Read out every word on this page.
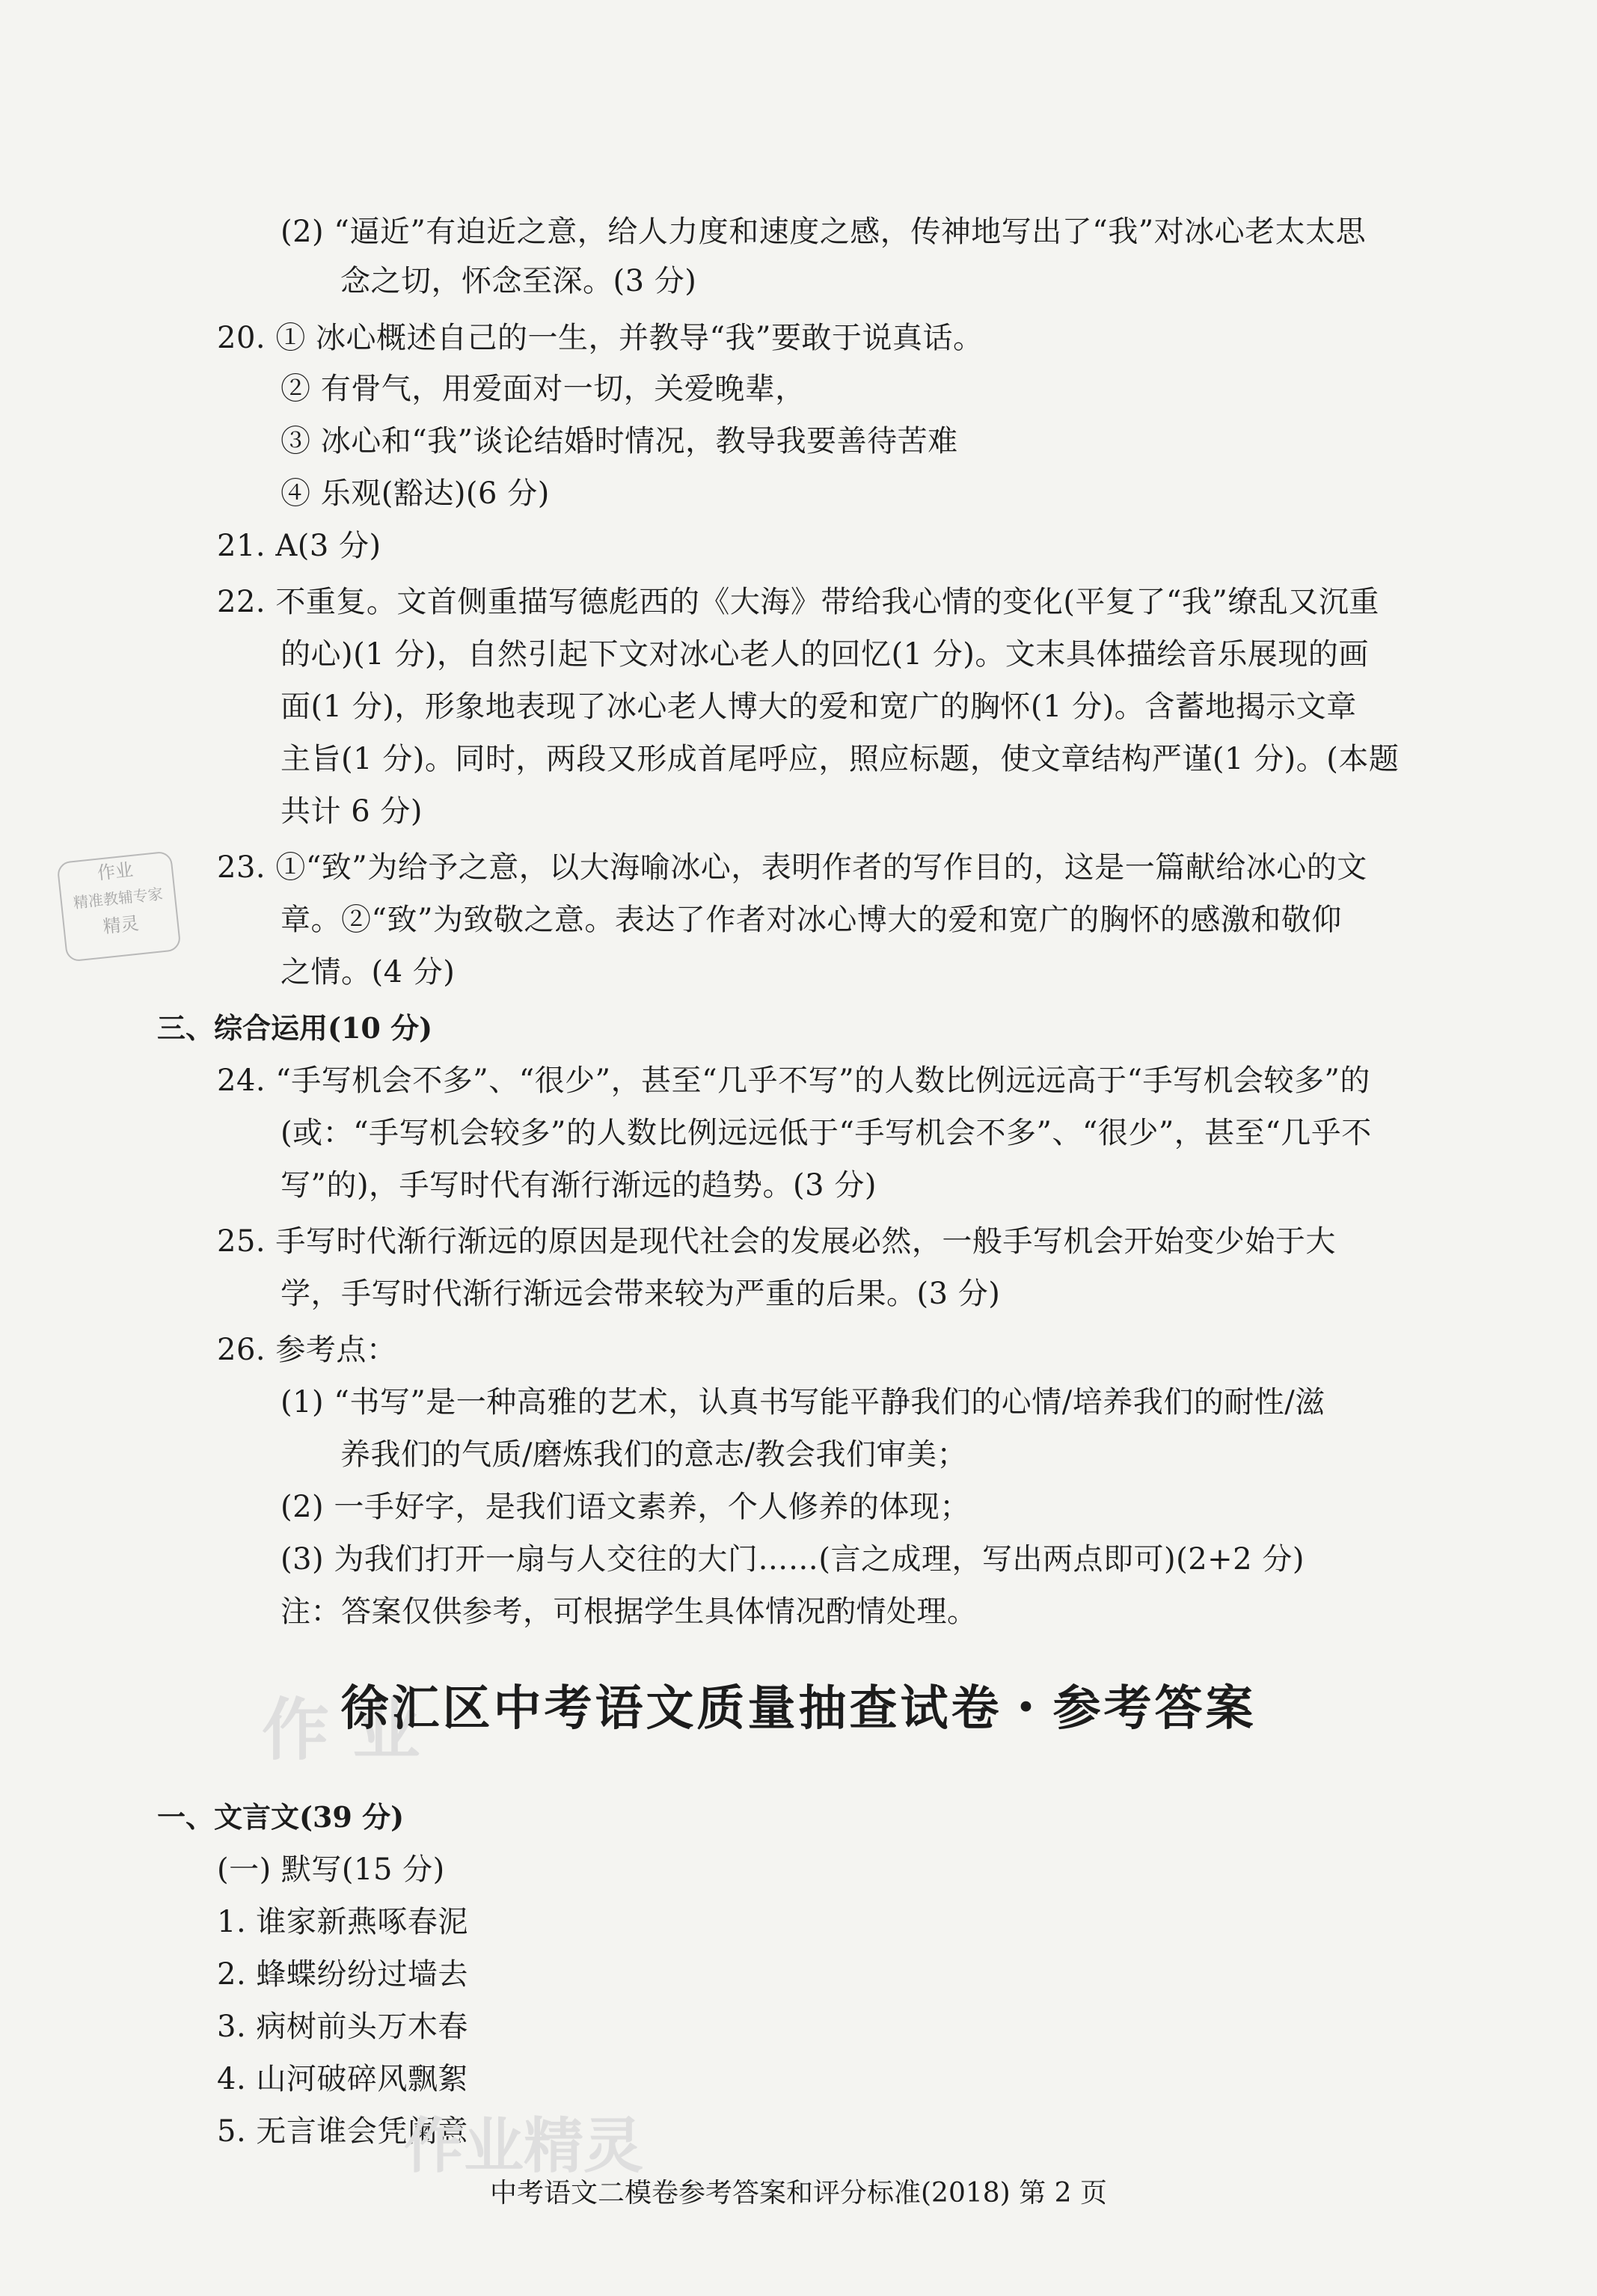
作业
精准教辅专家
精灵
(2) “逼近”有迫近之意，给人力度和速度之感，传神地写出了“我”对冰心老太太思
念之切，怀念至深。(3 分)
20. ① 冰心概述自己的一生，并教导“我”要敢于说真话。
② 有骨气，用爱面对一切，关爱晚辈，
③ 冰心和“我”谈论结婚时情况，教导我要善待苦难
④ 乐观(豁达)(6 分)
21. A(3 分)
22. 不重复。文首侧重描写德彪西的《大海》带给我心情的变化(平复了“我”缭乱又沉重
的心)(1 分)，自然引起下文对冰心老人的回忆(1 分)。文末具体描绘音乐展现的画
面(1 分)，形象地表现了冰心老人博大的爱和宽广的胸怀(1 分)。含蓄地揭示文章
主旨(1 分)。同时，两段又形成首尾呼应，照应标题，使文章结构严谨(1 分)。(本题
共计 6 分)
23. ①“致”为给予之意，以大海喻冰心，表明作者的写作目的，这是一篇献给冰心的文
章。②“致”为致敬之意。表达了作者对冰心博大的爱和宽广的胸怀的感激和敬仰
之情。(4 分)
三、综合运用(10 分)
24. “手写机会不多”、“很少”，甚至“几乎不写”的人数比例远远高于“手写机会较多”的
(或：“手写机会较多”的人数比例远远低于“手写机会不多”、“很少”，甚至“几乎不
写”的)，手写时代有渐行渐远的趋势。(3 分)
25. 手写时代渐行渐远的原因是现代社会的发展必然，一般手写机会开始变少始于大
学，手写时代渐行渐远会带来较为严重的后果。(3 分)
26. 参考点：
(1) “书写”是一种高雅的艺术，认真书写能平静我们的心情/培养我们的耐性/滋
养我们的气质/磨炼我们的意志/教会我们审美；
(2) 一手好字，是我们语文素养，个人修养的体现；
(3) 为我们打开一扇与人交往的大门……(言之成理，写出两点即可)(2+2 分)
注：答案仅供参考，可根据学生具体情况酌情处理。
作 业
徐汇区中考语文质量抽查试卷・参考答案
一、文言文(39 分)
(一) 默写(15 分)
1. 谁家新燕啄春泥
2. 蜂蝶纷纷过墙去
3. 病树前头万木春
4. 山河破碎风飘絮
5. 无言谁会凭阑意
作业精灵
中考语文二模卷参考答案和评分标准(2018) 第 2 页
